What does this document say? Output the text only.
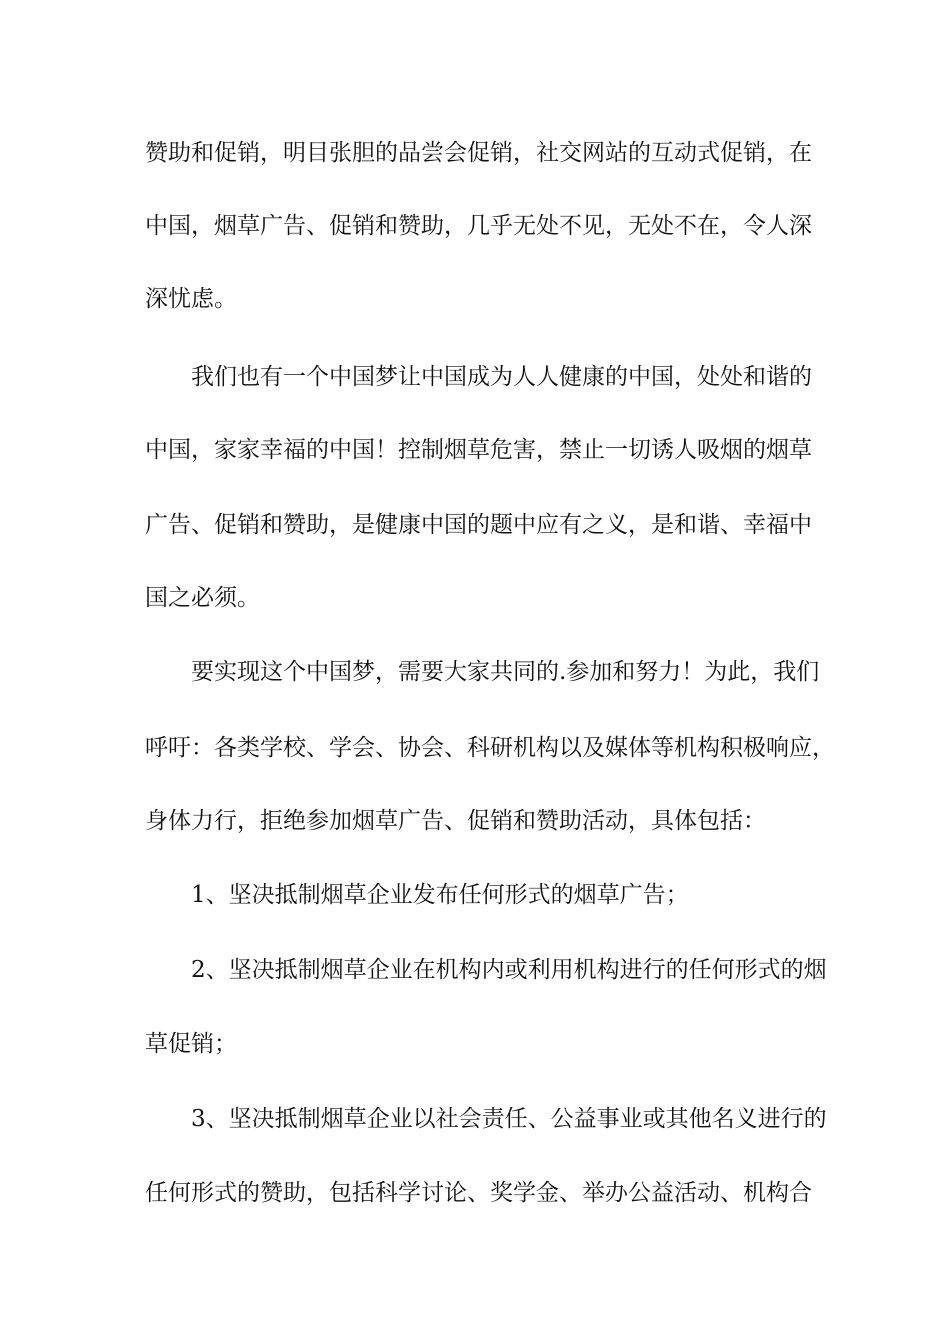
赞助和促销，明目张胆的品尝会促销，社交网站的互动式促销，在
中国，烟草广告、促销和赞助，几乎无处不见，无处不在，令人深
深忧虑。
我们也有一个中国梦让中国成为人人健康的中国，处处和谐的
中国，家家幸福的中国！控制烟草危害，禁止一切诱人吸烟的烟草
广告、促销和赞助，是健康中国的题中应有之义，是和谐、幸福中
国之必须。
要实现这个中国梦，需要大家共同的.参加和努力！为此，我们
呼吁：各类学校、学会、协会、科研机构以及媒体等机构积极响应，
身体力行，拒绝参加烟草广告、促销和赞助活动，具体包括：
1、坚决抵制烟草企业发布任何形式的烟草广告；
2、坚决抵制烟草企业在机构内或利用机构进行的任何形式的烟
草促销；
3、坚决抵制烟草企业以社会责任、公益事业或其他名义进行的
任何形式的赞助，包括科学讨论、奖学金、举办公益活动、机构合
